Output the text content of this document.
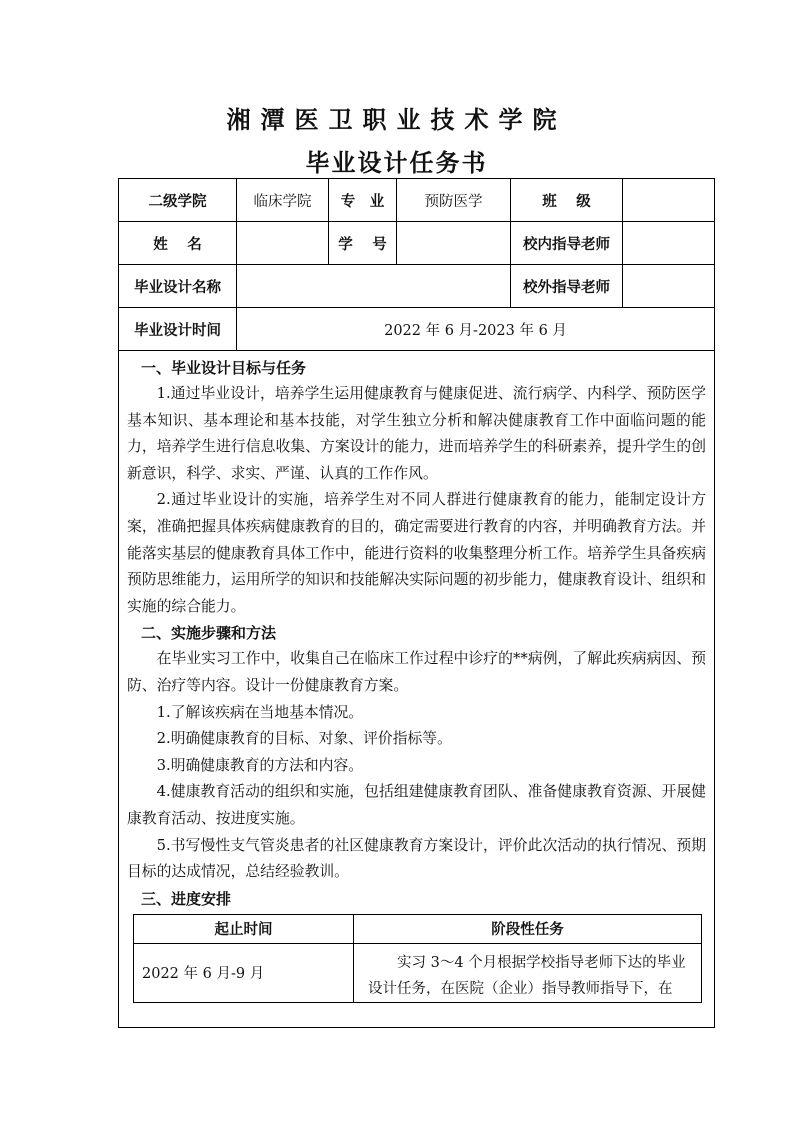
湘潭医卫职业技术学院
毕业设计任务书
二级学院	临床学院	专　业	预防医学	班　 级	
姓　 名		学　 号		校内指导老师	
毕业设计名称		校外指导老师	
毕业设计时间	2022 年 6 月-2023 年 6 月

一、毕业设计目标与任务

1.通过毕业设计，培养学生运用健康教育与健康促进、流行病学、内科学、预防医学基本知识、基本理论和基本技能，对学生独立分析和解决健康教育工作中面临问题的能力，培养学生进行信息收集、方案设计的能力，进而培养学生的科研素养，提升学生的创新意识，科学、求实、严谨、认真的工作作风。

2.通过毕业设计的实施，培养学生对不同人群进行健康教育的能力，能制定设计方案，准确把握具体疾病健康教育的目的，确定需要进行教育的内容，并明确教育方法。并能落实基层的健康教育具体工作中，能进行资料的收集整理分析工作。培养学生具备疾病预防思维能力，运用所学的知识和技能解决实际问题的初步能力，健康教育设计、组织和实施的综合能力。

二、实施步骤和方法

在毕业实习工作中，收集自己在临床工作过程中诊疗的**病例，了解此疾病病因、预防、治疗等内容。设计一份健康教育方案。

1.了解该疾病在当地基本情况。

2.明确健康教育的目标、对象、评价指标等。

3.明确健康教育的方法和内容。

4.健康教育活动的组织和实施，包括组建健康教育团队、准备健康教育资源、开展健康教育活动、按进度实施。

5.书写慢性支气管炎患者的社区健康教育方案设计，评价此次活动的执行情况、预期目标的达成情况，总结经验教训。

三、进度安排

起止时间	阶段性任务
2022 年 6 月-9 月	实习 3～4 个月根据学校指导老师下达的毕业设计任务，在医院（企业）指导教师指导下，在
